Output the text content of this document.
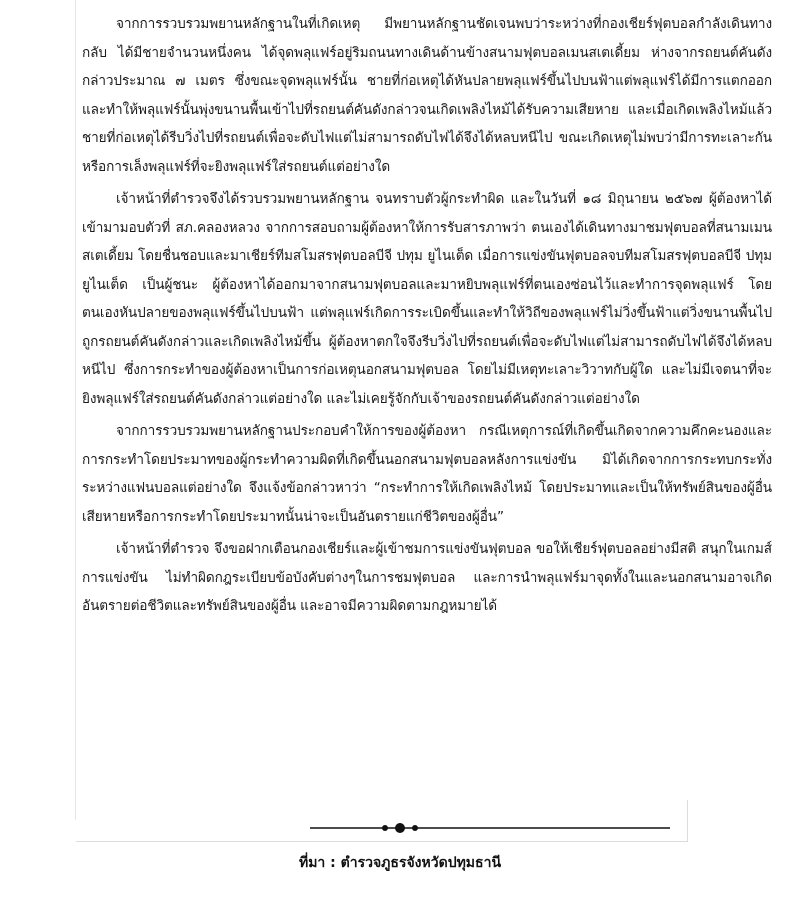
จากการรวบรวมพยานหลักฐานในที่เกิดเหตุ มีพยานหลักฐานชัดเจนพบว่าระหว่างที่กองเชียร์ฟุตบอลกำลังเดินทางกลับ ได้มีชายจำนวนหนึ่งคน ได้จุดพลุแฟร์อยู่ริมถนนทางเดินด้านข้างสนามฟุตบอลเมนสเตเดี้ยม ห่างจากรถยนต์คันดังกล่าวประมาณ ๗ เมตร ซึ่งขณะจุดพลุแฟร์นั้น ชายที่ก่อเหตุได้หันปลายพลุแฟร์ขึ้นไปบนฟ้าแต่พลุแฟร์ได้มีการแตกออกและทำให้พลุแฟร์นั้นพุ่งขนานพื้นเข้าไปที่รถยนต์คันดังกล่าวจนเกิดเพลิงไหม้ได้รับความเสียหาย และเมื่อเกิดเพลิงไหม้แล้วชายที่ก่อเหตุได้รีบวิ่งไปที่รถยนต์เพื่อจะดับไฟแต่ไม่สามารถดับไฟได้จึงได้หลบหนีไป ขณะเกิดเหตุไม่พบว่ามีการทะเลาะกันหรือการเล็งพลุแฟร์ที่จะยิงพลุแฟร์ใส่รถยนต์แต่อย่างใด

เจ้าหน้าที่ตำรวจจึงได้รวบรวมพยานหลักฐาน จนทราบตัวผู้กระทำผิด และในวันที่ ๑๘ มิถุนายน ๒๕๖๗ ผู้ต้องหาได้เข้ามามอบตัวที่ สภ.คลองหลวง จากการสอบถามผู้ต้องหาให้การรับสารภาพว่า ตนเองได้เดินทางมาชมฟุตบอลที่สนามเมนสเตเดี้ยม โดยชื่นชอบและมาเชียร์ทีมสโมสรฟุตบอลบีจี ปทุม ยูไนเต็ด เมื่อการแข่งขันฟุตบอลจบทีมสโมสรฟุตบอลบีจี ปทุม ยูไนเต็ด เป็นผู้ชนะ ผู้ต้องหาได้ออกมาจากสนามฟุตบอลและมาหยิบพลุแฟร์ที่ตนเองซ่อนไว้และทำการจุดพลุแฟร์ โดยตนเองหันปลายของพลุแฟร์ขึ้นไปบนฟ้า แต่พลุแฟร์เกิดการระเบิดขึ้นและทำให้วิถีของพลุแฟร์ไม่วิ่งขึ้นฟ้าแต่วิ่งขนานพื้นไปถูกรถยนต์คันดังกล่าวและเกิดเพลิงไหม้ขึ้น ผู้ต้องหาตกใจจึงรีบวิ่งไปที่รถยนต์เพื่อจะดับไฟแต่ไม่สามารถดับไฟได้จึงได้หลบหนีไป ซึ่งการกระทำของผู้ต้องหาเป็นการก่อเหตุนอกสนามฟุตบอล โดยไม่มีเหตุทะเลาะวิวาทกับผู้ใด และไม่มีเจตนาที่จะยิงพลุแฟร์ใส่รถยนต์คันดังกล่าวแต่อย่างใด และไม่เคยรู้จักกับเจ้าของรถยนต์คันดังกล่าวแต่อย่างใด

จากการรวบรวมพยานหลักฐานประกอบคำให้การของผู้ต้องหา กรณีเหตุการณ์ที่เกิดขึ้นเกิดจากความคึกคะนองและการกระทำโดยประมาทของผู้กระทำความผิดที่เกิดขึ้นนอกสนามฟุตบอลหลังการแข่งขัน มิได้เกิดจากการกระทบกระทั่งระหว่างแฟนบอลแต่อย่างใด จึงแจ้งข้อกล่าวหาว่า “กระทำการให้เกิดเพลิงไหม้ โดยประมาทและเป็นให้ทรัพย์สินของผู้อื่นเสียหายหรือการกระทำโดยประมาทนั้นน่าจะเป็นอันตรายแก่ชีวิตของผู้อื่น”

เจ้าหน้าที่ตำรวจ จึงขอฝากเตือนกองเชียร์และผู้เข้าชมการแข่งขันฟุตบอล ขอให้เชียร์ฟุตบอลอย่างมีสติ สนุกในเกมส์การแข่งขัน ไม่ทำผิดกฎระเบียบข้อบังคับต่างๆในการชมฟุตบอล และการนำพลุแฟร์มาจุดทั้งในและนอกสนามอาจเกิดอันตรายต่อชีวิตและทรัพย์สินของผู้อื่น และอาจมีความผิดตามกฎหมายได้

ที่มา : ตำรวจภูธรจังหวัดปทุมธานี
